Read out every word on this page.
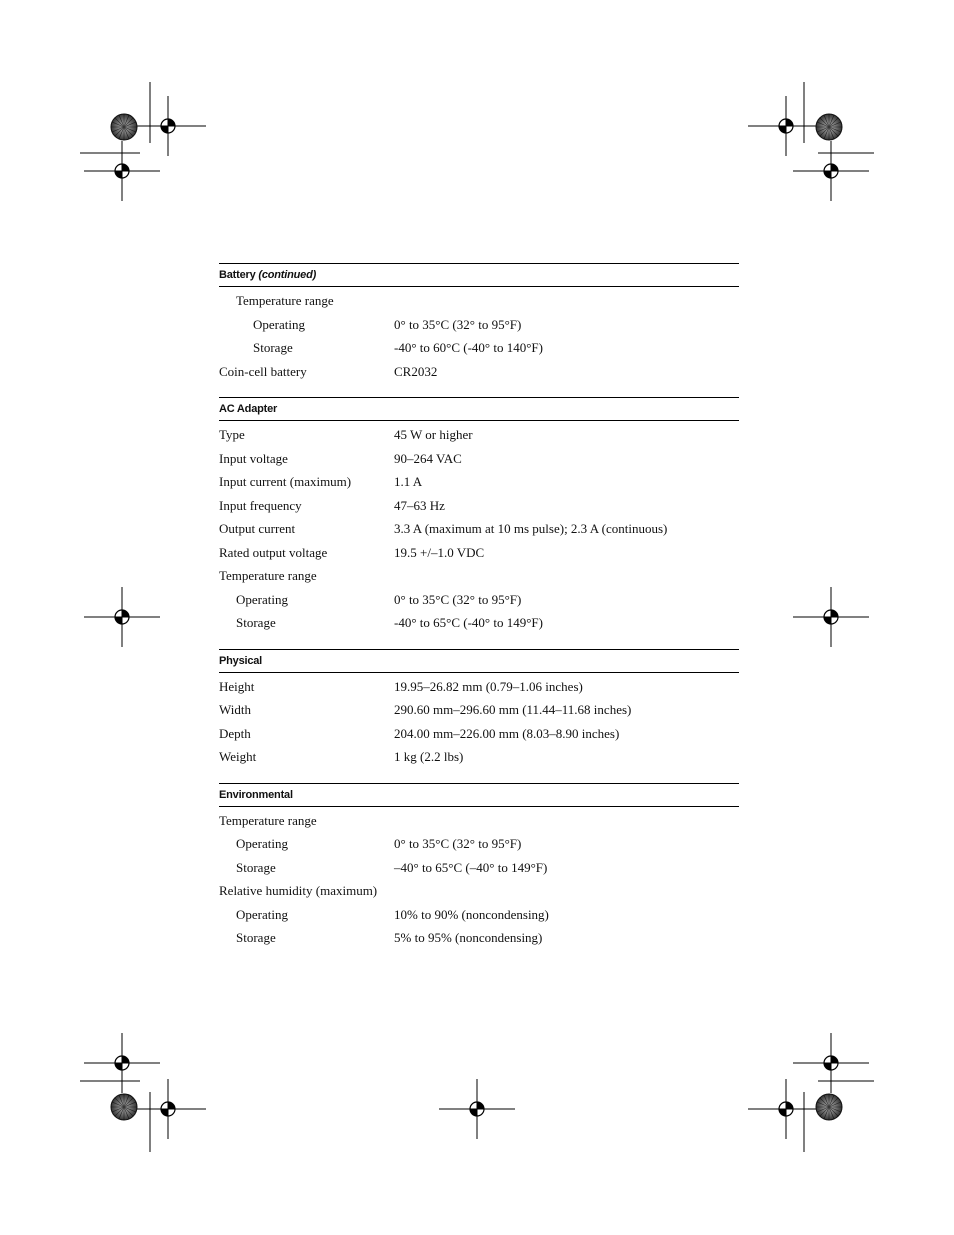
Battery (continued)
Temperature range
Operating	0° to 35°C (32° to 95°F)
Storage	-40° to 60°C (-40° to 140°F)
Coin-cell battery	CR2032
AC Adapter
Type	45 W or higher
Input voltage	90–264 VAC
Input current (maximum)	1.1 A
Input frequency	47–63 Hz
Output current	3.3 A (maximum at 10 ms pulse); 2.3 A (continuous)
Rated output voltage	19.5 +/–1.0 VDC
Temperature range
Operating	0° to 35°C (32° to 95°F)
Storage	-40° to 65°C (-40° to 149°F)
Physical
Height	19.95–26.82 mm (0.79–1.06 inches)
Width	290.60 mm–296.60 mm (11.44–11.68 inches)
Depth	204.00 mm–226.00 mm (8.03–8.90 inches)
Weight	1 kg (2.2 lbs)
Environmental
Temperature range
Operating	0° to 35°C (32° to 95°F)
Storage	–40° to 65°C (–40° to 149°F)
Relative humidity (maximum)
Operating	10% to 90% (noncondensing)
Storage	5% to 95% (noncondensing)
